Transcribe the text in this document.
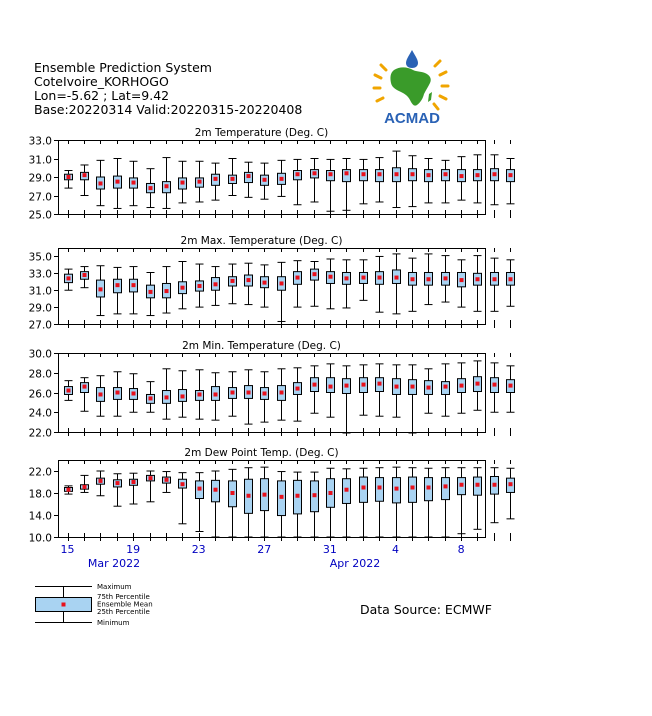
Ensemble Prediction System
CoteIvoire_KORHOGO
Lon=-5.62 ; Lat=9.42
Base:20220314 Valid:20220315-20220408
ACMAD
2m Temperature (Deg. C)
33.0
31.0
29.0
27.0
25.0
2m Max. Temperature (Deg. C)
35.0
33.0
31.0
29.0
27.0
2m Min. Temperature (Deg. C)
30.0
28.0
26.0
24.0
22.0
2m Dew Point Temp. (Deg. C)
22.0
18.0
14.0
10.0
15	19	23	27	31	4	8
Mar 2022	Apr 2022
Maximum
75th Percentile
Ensemble Mean
25th Percentile
Minimum
Data Source: ECMWF
